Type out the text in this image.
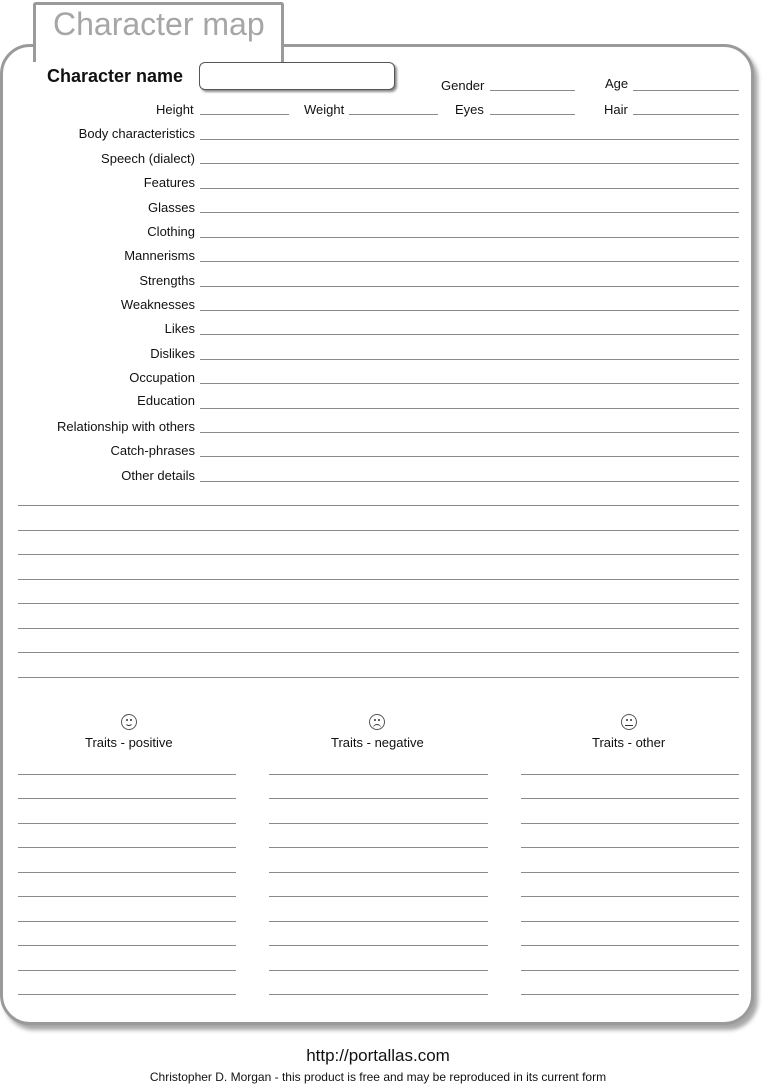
Character map
Character name	Gender	Age
Height	Weight	Eyes	Hair
Body characteristics
Speech (dialect)
Features
Glasses
Clothing
Mannerisms
Strengths
Weaknesses
Likes
Dislikes
Occupation
Education
Relationship with others
Catch-phrases
Other details
Traits - positive	Traits - negative	Traits - other
http://portallas.com
Christopher D. Morgan - this product is free and may be reproduced in its current form
